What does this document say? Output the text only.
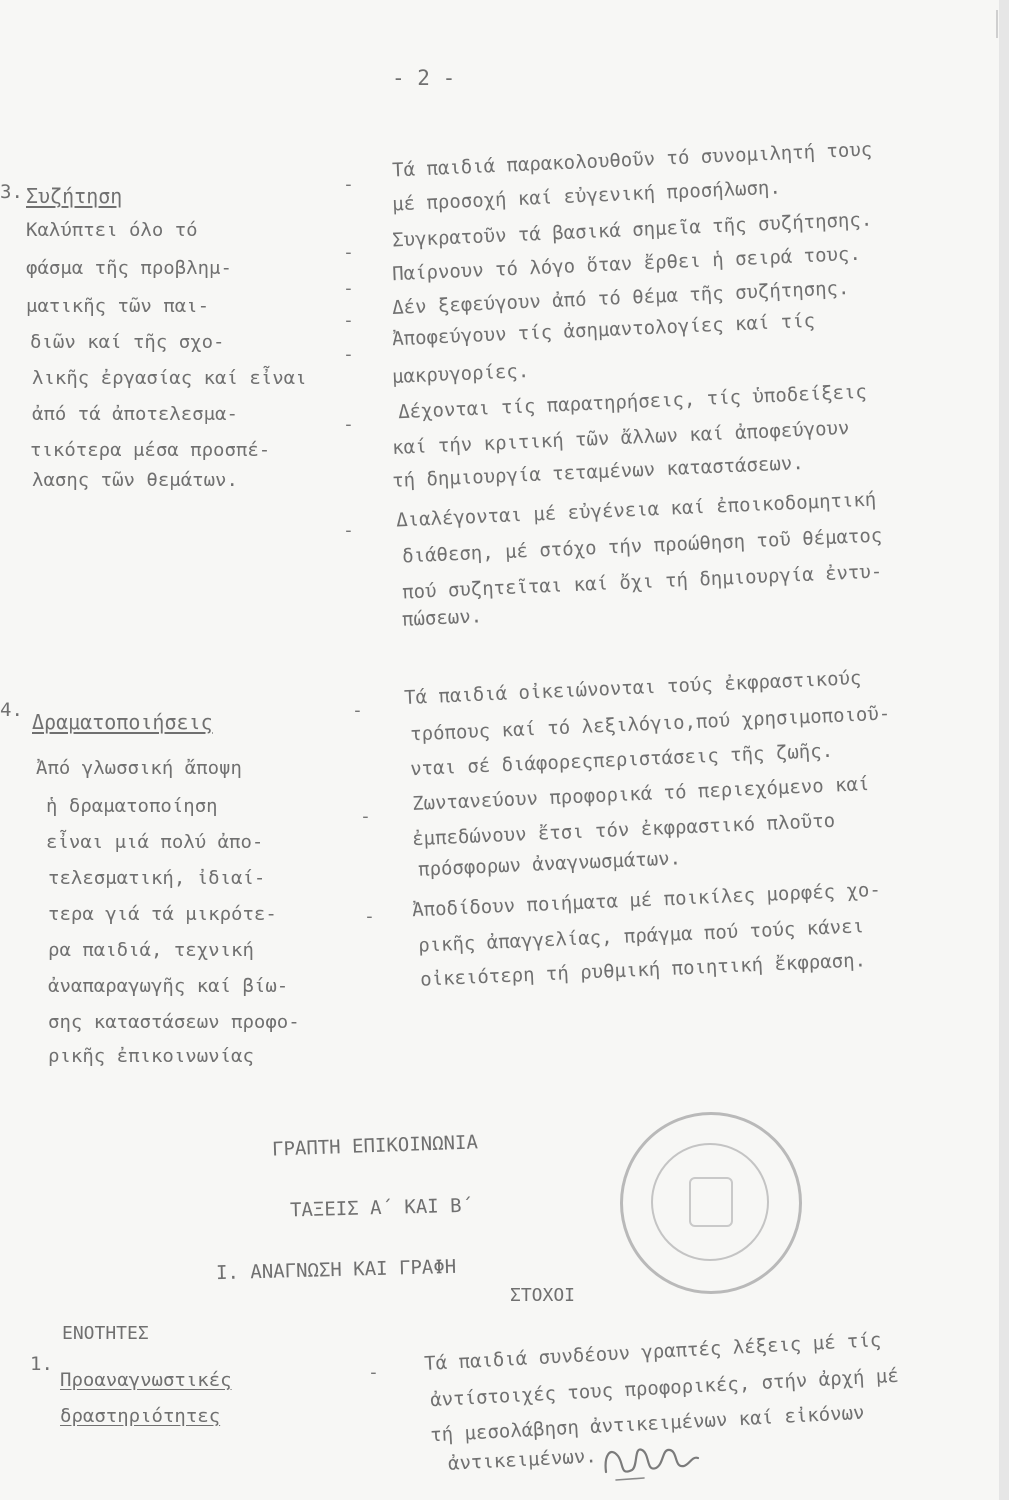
- 2 -
3. Συζήτηση
Καλύπτει όλο τό
φάσμα τῆς προβλημ-
ματικῆς τῶν παι-
διῶν καί τῆς σχο-
λικῆς ἐργασίας καί εἶναι
ἀπό τά ἀποτελεσμα-
τικότερα μέσα προσπέ-
λασης τῶν θεμάτων.
-
Τά παιδιά παρακολουθοῦν τό συνομιλητή τους
μέ προσοχή καί εὐγενική προσήλωση.
-
Συγκρατοῦν τά βασικά σημεῖα τῆς συζήτησης.
-
Παίρνουν τό λόγο ὅταν ἔρθει ἡ σειρά τους.
-
Δέν ξεφεύγουν ἀπό τό θέμα τῆς συζήτησης.
-
Ἀποφεύγουν τίς ἀσημαντολογίες καί τίς
μακρυγορίες.
-
Δέχονται τίς παρατηρήσεις, τίς ὑποδείξεις
καί τήν κριτική τῶν ἄλλων καί ἀποφεύγουν
τή δημιουργία τεταμένων καταστάσεων.
- Διαλέγονται μέ εὐγένεια καί ἐποικοδομητική
διάθεση, μέ στόχο τήν προώθηση τοῦ θέματος
πού συζητεῖται καί ὄχι τή δημιουργία ἐντυ-
πώσεων.
4. Δραματοποιήσεις
Ἀπό γλωσσική ἄποψη
ἡ δραματοποίηση
εἶναι μιά πολύ ἀπο-
τελεσματική, ἰδιαί-
τερα γιά τά μικρότε-
ρα παιδιά, τεχνική
ἀναπαραγωγῆς καί βίω-
σης καταστάσεων προφο-
ρικῆς ἐπικοινωνίας
-
Τά παιδιά οἰκειώνονται τούς ἐκφραστικούς
τρόπους καί τό λεξιλόγιο,πού χρησιμοποιοῦ-
νται σέ διάφορεςπεριστάσεις τῆς ζωῆς.
-
Ζωντανεύουν προφορικά τό περιεχόμενο καί
ἐμπεδώνουν ἔτσι τόν ἐκφραστικό πλοῦτο
πρόσφορων ἀναγνωσμάτων.
- Ἀποδίδουν ποιήματα μέ ποικίλες μορφές χο-
ρικῆς ἀπαγγελίας, πράγμα πού τούς κάνει
οἰκειότερη τή ρυθμική ποιητική ἔκφραση.
ΓΡΑΠΤΗ ΕΠΙΚΟΙΝΩΝΙΑ
ΤΑΞΕΙΣ Α΄ ΚΑΙ Β΄
Ι. ΑΝΑΓΝΩΣΗ ΚΑΙ ΓΡΑΦΗ
ΕΝΟΤΗΤΕΣ
ΣΤΟΧΟΙ
1.
Προαναγνωστικές
δραστηριότητες
- Τά παιδιά συνδέουν γραπτές λέξεις μέ τίς
ἀντίστοιχές τους προφορικές, στήν ἀρχή μέ
τή μεσολάβηση ἀντικειμένων καί εἰκόνων
ἀντικειμένων.
